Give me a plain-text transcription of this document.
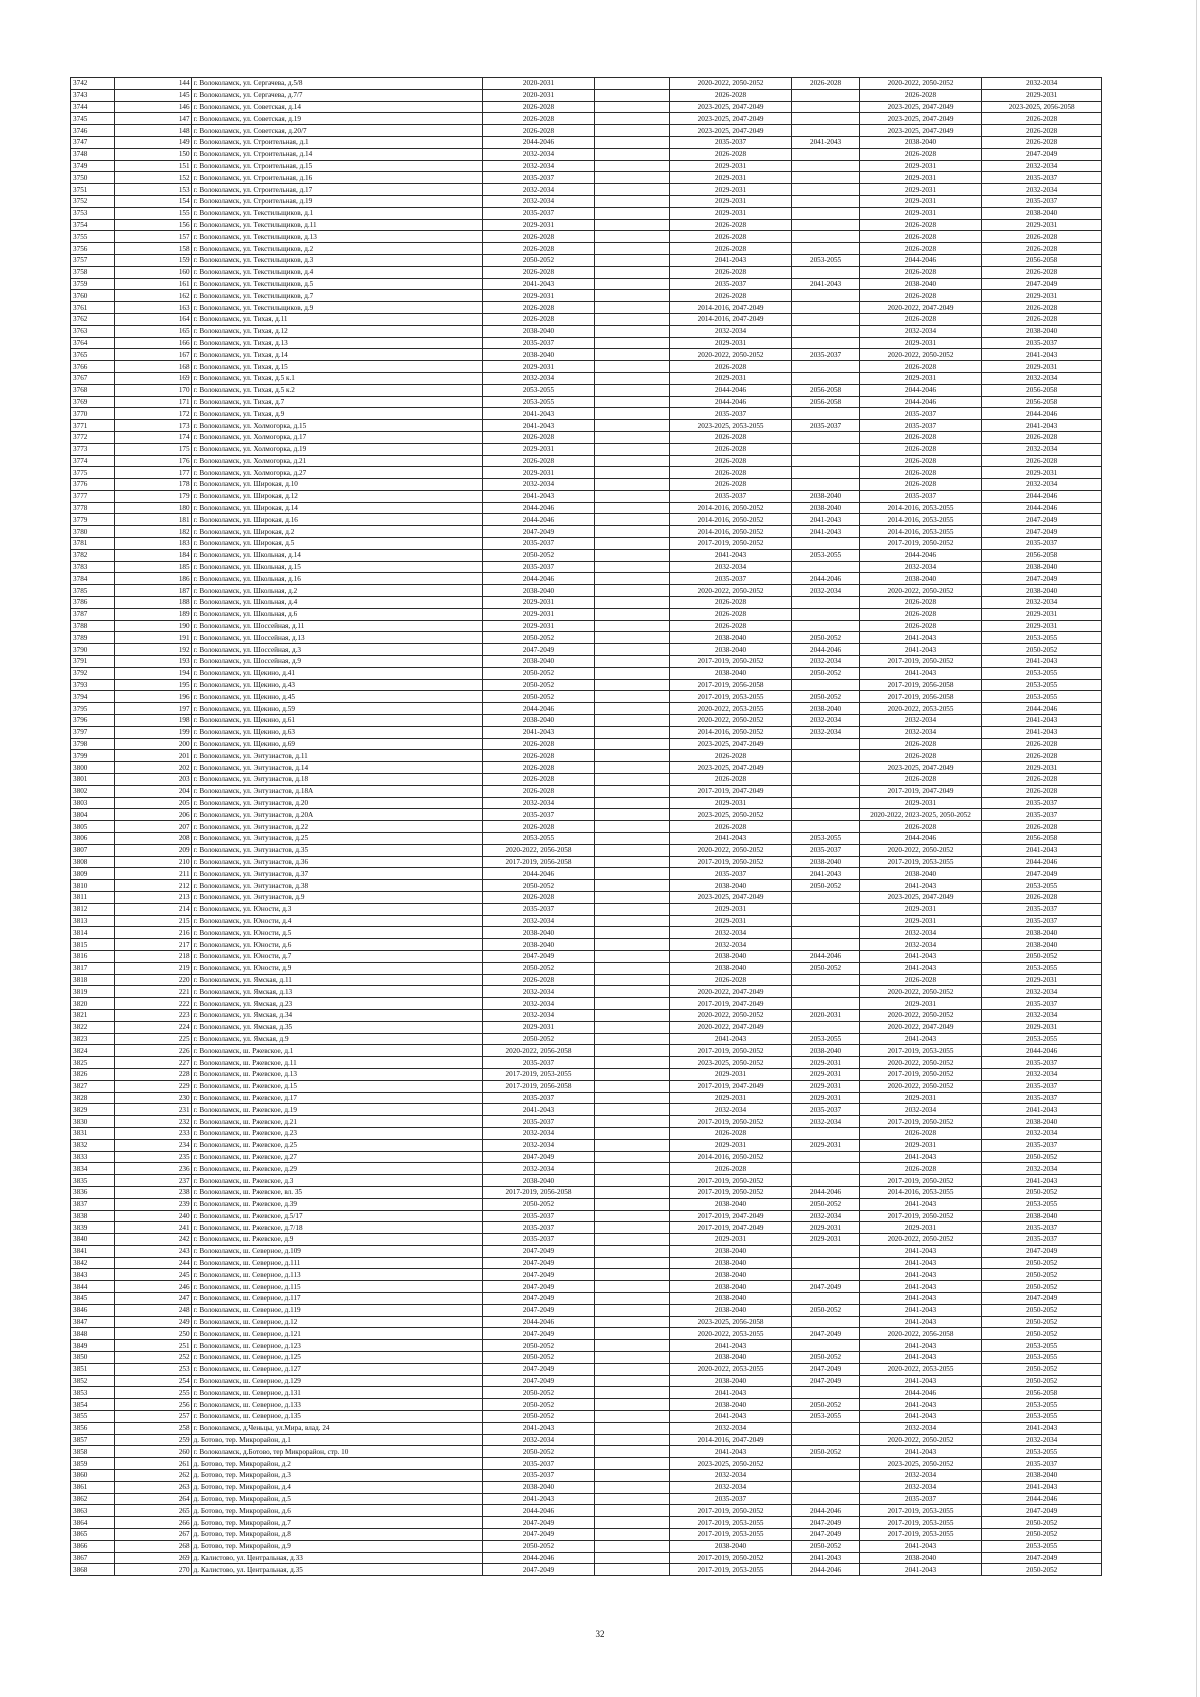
3742	144	г. Волоколамск, ул. Сергачева, д.5/8	2020-2031		2020-2022, 2050-2052	2026-2028	2020-2022, 2050-2052	2032-2034
3743	145	г. Волоколамск, ул. Сергачева, д.7/7	2020-2031		2026-2028		2026-2028	2029-2031
3744	146	г. Волоколамск, ул. Советская, д.14	2026-2028		2023-2025, 2047-2049		2023-2025, 2047-2049	2023-2025, 2056-2058
3745	147	г. Волоколамск, ул. Советская, д.19	2026-2028		2023-2025, 2047-2049		2023-2025, 2047-2049	2026-2028
3746	148	г. Волоколамск, ул. Советская, д.20/7	2026-2028		2023-2025, 2047-2049		2023-2025, 2047-2049	2026-2028
3747	149	г. Волоколамск, ул. Строительная, д.1	2044-2046		2035-2037	2041-2043	2038-2040	2026-2028
3748	150	г. Волоколамск, ул. Строительная, д.14	2032-2034		2026-2028		2026-2028	2047-2049
3749	151	г. Волоколамск, ул. Строительная, д.15	2032-2034		2029-2031		2029-2031	2032-2034
3750	152	г. Волоколамск, ул. Строительная, д.16	2035-2037		2029-2031		2029-2031	2035-2037
3751	153	г. Волоколамск, ул. Строительная, д.17	2032-2034		2029-2031		2029-2031	2032-2034
3752	154	г. Волоколамск, ул. Строительная, д.19	2032-2034		2029-2031		2029-2031	2035-2037
3753	155	г. Волоколамск, ул. Текстильщиков, д.1	2035-2037		2029-2031		2029-2031	2038-2040
3754	156	г. Волоколамск, ул. Текстильщиков, д.11	2029-2031		2026-2028		2026-2028	2029-2031
3755	157	г. Волоколамск, ул. Текстильщиков, д.13	2026-2028		2026-2028		2026-2028	2026-2028
3756	158	г. Волоколамск, ул. Текстильщиков, д.2	2026-2028		2026-2028		2026-2028	2026-2028
3757	159	г. Волоколамск, ул. Текстильщиков, д.3	2050-2052		2041-2043	2053-2055	2044-2046	2056-2058
3758	160	г. Волоколамск, ул. Текстильщиков, д.4	2026-2028		2026-2028		2026-2028	2026-2028
3759	161	г. Волоколамск, ул. Текстильщиков, д.5	2041-2043		2035-2037	2041-2043	2038-2040	2047-2049
3760	162	г. Волоколамск, ул. Текстильщиков, д.7	2029-2031		2026-2028		2026-2028	2029-2031
3761	163	г. Волоколамск, ул. Текстильщиков, д.9	2026-2028		2014-2016, 2047-2049		2020-2022, 2047-2049	2026-2028
3762	164	г. Волоколамск, ул. Тихая, д.11	2026-2028		2014-2016, 2047-2049		2026-2028	2026-2028
3763	165	г. Волоколамск, ул. Тихая, д.12	2038-2040		2032-2034		2032-2034	2038-2040
3764	166	г. Волоколамск, ул. Тихая, д.13	2035-2037		2029-2031		2029-2031	2035-2037
3765	167	г. Волоколамск, ул. Тихая, д.14	2038-2040		2020-2022, 2050-2052	2035-2037	2020-2022, 2050-2052	2041-2043
3766	168	г. Волоколамск, ул. Тихая, д.15	2029-2031		2026-2028		2026-2028	2029-2031
3767	169	г. Волоколамск, ул. Тихая, д.5 к.1	2032-2034		2029-2031		2029-2031	2032-2034
3768	170	г. Волоколамск, ул. Тихая, д.5 к.2	2053-2055		2044-2046	2056-2058	2044-2046	2056-2058
3769	171	г. Волоколамск, ул. Тихая, д.7	2053-2055		2044-2046	2056-2058	2044-2046	2056-2058
3770	172	г. Волоколамск, ул. Тихая, д.9	2041-2043		2035-2037		2035-2037	2044-2046
3771	173	г. Волоколамск, ул. Холмогорка, д.15	2041-2043		2023-2025, 2053-2055	2035-2037	2035-2037	2041-2043
3772	174	г. Волоколамск, ул. Холмогорка, д.17	2026-2028		2026-2028		2026-2028	2026-2028
3773	175	г. Волоколамск, ул. Холмогорка, д.19	2029-2031		2026-2028		2026-2028	2032-2034
3774	176	г. Волоколамск, ул. Холмогорка, д.21	2026-2028		2026-2028		2026-2028	2026-2028
3775	177	г. Волоколамск, ул. Холмогорка, д.27	2029-2031		2026-2028		2026-2028	2029-2031
3776	178	г. Волоколамск, ул. Широкая, д.10	2032-2034		2026-2028		2026-2028	2032-2034
3777	179	г. Волоколамск, ул. Широкая, д.12	2041-2043		2035-2037	2038-2040	2035-2037	2044-2046
3778	180	г. Волоколамск, ул. Широкая, д.14	2044-2046		2014-2016, 2050-2052	2038-2040	2014-2016, 2053-2055	2044-2046
3779	181	г. Волоколамск, ул. Широкая, д.16	2044-2046		2014-2016, 2050-2052	2041-2043	2014-2016, 2053-2055	2047-2049
3780	182	г. Волоколамск, ул. Широкая, д.2	2047-2049		2014-2016, 2050-2052	2041-2043	2014-2016, 2053-2055	2047-2049
3781	183	г. Волоколамск, ул. Широкая, д.5	2035-2037		2017-2019, 2050-2052		2017-2019, 2050-2052	2035-2037
3782	184	г. Волоколамск, ул. Школьная, д.14	2050-2052		2041-2043	2053-2055	2044-2046	2056-2058
3783	185	г. Волоколамск, ул. Школьная, д.15	2035-2037		2032-2034		2032-2034	2038-2040
3784	186	г. Волоколамск, ул. Школьная, д.16	2044-2046		2035-2037	2044-2046	2038-2040	2047-2049
3785	187	г. Волоколамск, ул. Школьная, д.2	2038-2040		2020-2022, 2050-2052	2032-2034	2020-2022, 2050-2052	2038-2040
3786	188	г. Волоколамск, ул. Школьная, д.4	2029-2031		2026-2028		2026-2028	2032-2034
3787	189	г. Волоколамск, ул. Школьная, д.6	2029-2031		2026-2028		2026-2028	2029-2031
3788	190	г. Волоколамск, ул. Шоссейная, д.11	2029-2031		2026-2028		2026-2028	2029-2031
3789	191	г. Волоколамск, ул. Шоссейная, д.13	2050-2052		2038-2040	2050-2052	2041-2043	2053-2055
3790	192	г. Волоколамск, ул. Шоссейная, д.3	2047-2049		2038-2040	2044-2046	2041-2043	2050-2052
3791	193	г. Волоколамск, ул. Шоссейная, д.9	2038-2040		2017-2019, 2050-2052	2032-2034	2017-2019, 2050-2052	2041-2043
3792	194	г. Волоколамск, ул. Щекино, д.41	2050-2052		2038-2040	2050-2052	2041-2043	2053-2055
3793	195	г. Волоколамск, ул. Щекино, д.43	2050-2052		2017-2019, 2056-2058		2017-2019, 2056-2058	2053-2055
3794	196	г. Волоколамск, ул. Щекино, д.45	2050-2052		2017-2019, 2053-2055	2050-2052	2017-2019, 2056-2058	2053-2055
3795	197	г. Волоколамск, ул. Щекино, д.59	2044-2046		2020-2022, 2053-2055	2038-2040	2020-2022, 2053-2055	2044-2046
3796	198	г. Волоколамск, ул. Щекино, д.61	2038-2040		2020-2022, 2050-2052	2032-2034	2032-2034	2041-2043
3797	199	г. Волоколамск, ул. Щекино, д.63	2041-2043		2014-2016, 2050-2052	2032-2034	2032-2034	2041-2043
3798	200	г. Волоколамск, ул. Щекино, д.69	2026-2028		2023-2025, 2047-2049		2026-2028	2026-2028
3799	201	г. Волоколамск, ул. Энтузиастов, д.11	2026-2028		2026-2028		2026-2028	2026-2028
3800	202	г. Волоколамск, ул. Энтузиастов, д.14	2026-2028		2023-2025, 2047-2049		2023-2025, 2047-2049	2029-2031
3801	203	г. Волоколамск, ул. Энтузиастов, д.18	2026-2028		2026-2028		2026-2028	2026-2028
3802	204	г. Волоколамск, ул. Энтузиастов, д.18А	2026-2028		2017-2019, 2047-2049		2017-2019, 2047-2049	2026-2028
3803	205	г. Волоколамск, ул. Энтузиастов, д.20	2032-2034		2029-2031		2029-2031	2035-2037
3804	206	г. Волоколамск, ул. Энтузиастов, д.20А	2035-2037		2023-2025, 2050-2052		2020-2022, 2023-2025, 2050-2052	2035-2037
3805	207	г. Волоколамск, ул. Энтузиастов, д.22	2026-2028		2026-2028		2026-2028	2026-2028
3806	208	г. Волоколамск, ул. Энтузиастов, д.25	2053-2055		2041-2043	2053-2055	2044-2046	2056-2058
3807	209	г. Волоколамск, ул. Энтузиастов, д.35	2020-2022, 2056-2058		2020-2022, 2050-2052	2035-2037	2020-2022, 2050-2052	2041-2043
3808	210	г. Волоколамск, ул. Энтузиастов, д.36	2017-2019, 2056-2058		2017-2019, 2050-2052	2038-2040	2017-2019, 2053-2055	2044-2046
3809	211	г. Волоколамск, ул. Энтузиастов, д.37	2044-2046		2035-2037	2041-2043	2038-2040	2047-2049
3810	212	г. Волоколамск, ул. Энтузиастов, д.38	2050-2052		2038-2040	2050-2052	2041-2043	2053-2055
3811	213	г. Волоколамск, ул. Энтузиастов, д.9	2026-2028		2023-2025, 2047-2049		2023-2025, 2047-2049	2026-2028
3812	214	г. Волоколамск, ул. Юности, д.3	2035-2037		2029-2031		2029-2031	2035-2037
3813	215	г. Волоколамск, ул. Юности, д.4	2032-2034		2029-2031		2029-2031	2035-2037
3814	216	г. Волоколамск, ул. Юности, д.5	2038-2040		2032-2034		2032-2034	2038-2040
3815	217	г. Волоколамск, ул. Юности, д.6	2038-2040		2032-2034		2032-2034	2038-2040
3816	218	г. Волоколамск, ул. Юности, д.7	2047-2049		2038-2040	2044-2046	2041-2043	2050-2052
3817	219	г. Волоколамск, ул. Юности, д.9	2050-2052		2038-2040	2050-2052	2041-2043	2053-2055
3818	220	г. Волоколамск, ул. Ямская, д.11	2026-2028		2026-2028		2026-2028	2029-2031
3819	221	г. Волоколамск, ул. Ямская, д.13	2032-2034		2020-2022, 2047-2049		2020-2022, 2050-2052	2032-2034
3820	222	г. Волоколамск, ул. Ямская, д.23	2032-2034		2017-2019, 2047-2049		2029-2031	2035-2037
3821	223	г. Волоколамск, ул. Ямская, д.34	2032-2034		2020-2022, 2050-2052	2020-2031	2020-2022, 2050-2052	2032-2034
3822	224	г. Волоколамск, ул. Ямская, д.35	2029-2031		2020-2022, 2047-2049		2020-2022, 2047-2049	2029-2031
3823	225	г. Волоколамск, ул. Ямская, д.9	2050-2052		2041-2043	2053-2055	2041-2043	2053-2055
3824	226	г. Волоколамск, ш. Ржевское, д.1	2020-2022, 2056-2058		2017-2019, 2050-2052	2038-2040	2017-2019, 2053-2055	2044-2046
3825	227	г. Волоколамск, ш. Ржевское, д.11	2035-2037		2023-2025, 2050-2052	2029-2031	2020-2022, 2050-2052	2035-2037
3826	228	г. Волоколамск, ш. Ржевское, д.13	2017-2019, 2053-2055		2029-2031	2029-2031	2017-2019, 2050-2052	2032-2034
3827	229	г. Волоколамск, ш. Ржевское, д.15	2017-2019, 2056-2058		2017-2019, 2047-2049	2029-2031	2020-2022, 2050-2052	2035-2037
3828	230	г. Волоколамск, ш. Ржевское, д.17	2035-2037		2029-2031	2029-2031	2029-2031	2035-2037
3829	231	г. Волоколамск, ш. Ржевское, д.19	2041-2043		2032-2034	2035-2037	2032-2034	2041-2043
3830	232	г. Волоколамск, ш. Ржевское, д.21	2035-2037		2017-2019, 2050-2052	2032-2034	2017-2019, 2050-2052	2038-2040
3831	233	г. Волоколамск, ш. Ржевское, д.23	2032-2034		2026-2028		2026-2028	2032-2034
3832	234	г. Волоколамск, ш. Ржевское, д.25	2032-2034		2029-2031	2029-2031	2029-2031	2035-2037
3833	235	г. Волоколамск, ш. Ржевское, д.27	2047-2049		2014-2016, 2050-2052		2041-2043	2050-2052
3834	236	г. Волоколамск, ш. Ржевское, д.29	2032-2034		2026-2028		2026-2028	2032-2034
3835	237	г. Волоколамск, ш. Ржевское, д.3	2038-2040		2017-2019, 2050-2052		2017-2019, 2050-2052	2041-2043
3836	238	г. Волоколамск, ш. Ржевское, вл. 35	2017-2019, 2056-2058		2017-2019, 2050-2052	2044-2046	2014-2016, 2053-2055	2050-2052
3837	239	г. Волоколамск, ш. Ржевское, д.39	2050-2052		2038-2040	2050-2052	2041-2043	2053-2055
3838	240	г. Волоколамск, ш. Ржевское, д.5/17	2035-2037		2017-2019, 2047-2049	2032-2034	2017-2019, 2050-2052	2038-2040
3839	241	г. Волоколамск, ш. Ржевское, д.7/18	2035-2037		2017-2019, 2047-2049	2029-2031	2029-2031	2035-2037
3840	242	г. Волоколамск, ш. Ржевское, д.9	2035-2037		2029-2031	2029-2031	2020-2022, 2050-2052	2035-2037
3841	243	г. Волоколамск, ш. Северное, д.109	2047-2049		2038-2040		2041-2043	2047-2049
3842	244	г. Волоколамск, ш. Северное, д.111	2047-2049		2038-2040		2041-2043	2050-2052
3843	245	г. Волоколамск, ш. Северное, д.113	2047-2049		2038-2040		2041-2043	2050-2052
3844	246	г. Волоколамск, ш. Северное, д.115	2047-2049		2038-2040	2047-2049	2041-2043	2050-2052
3845	247	г. Волоколамск, ш. Северное, д.117	2047-2049		2038-2040		2041-2043	2047-2049
3846	248	г. Волоколамск, ш. Северное, д.119	2047-2049		2038-2040	2050-2052	2041-2043	2050-2052
3847	249	г. Волоколамск, ш. Северное, д.12	2044-2046		2023-2025, 2056-2058		2041-2043	2050-2052
3848	250	г. Волоколамск, ш. Северное, д.121	2047-2049		2020-2022, 2053-2055	2047-2049	2020-2022, 2056-2058	2050-2052
3849	251	г. Волоколамск, ш. Северное, д.123	2050-2052		2041-2043		2041-2043	2053-2055
3850	252	г. Волоколамск, ш. Северное, д.125	2050-2052		2038-2040	2050-2052	2041-2043	2053-2055
3851	253	г. Волоколамск, ш. Северное, д.127	2047-2049		2020-2022, 2053-2055	2047-2049	2020-2022, 2053-2055	2050-2052
3852	254	г. Волоколамск, ш. Северное, д.129	2047-2049		2038-2040	2047-2049	2041-2043	2050-2052
3853	255	г. Волоколамск, ш. Северное, д.131	2050-2052		2041-2043		2044-2046	2056-2058
3854	256	г. Волоколамск, ш. Северное, д.133	2050-2052		2038-2040	2050-2052	2041-2043	2053-2055
3855	257	г. Волоколамск, ш. Северное, д.135	2050-2052		2041-2043	2053-2055	2041-2043	2053-2055
3856	258	г. Волоколамск, д.Ченьцы, ул.Мира, влад. 24	2041-2043		2032-2034		2032-2034	2041-2043
3857	259	д. Ботово, тер. Микрорайон, д.1	2032-2034		2014-2016, 2047-2049		2020-2022, 2050-2052	2032-2034
3858	260	г. Волоколамск, д.Ботово, тер Микрорайон, стр. 10	2050-2052		2041-2043	2050-2052	2041-2043	2053-2055
3859	261	д. Ботово, тер. Микрорайон, д.2	2035-2037		2023-2025, 2050-2052		2023-2025, 2050-2052	2035-2037
3860	262	д. Ботово, тер. Микрорайон, д.3	2035-2037		2032-2034		2032-2034	2038-2040
3861	263	д. Ботово, тер. Микрорайон, д.4	2038-2040		2032-2034		2032-2034	2041-2043
3862	264	д. Ботово, тер. Микрорайон, д.5	2041-2043		2035-2037		2035-2037	2044-2046
3863	265	д. Ботово, тер. Микрорайон, д.6	2044-2046		2017-2019, 2050-2052	2044-2046	2017-2019, 2053-2055	2047-2049
3864	266	д. Ботово, тер. Микрорайон, д.7	2047-2049		2017-2019, 2053-2055	2047-2049	2017-2019, 2053-2055	2050-2052
3865	267	д. Ботово, тер. Микрорайон, д.8	2047-2049		2017-2019, 2053-2055	2047-2049	2017-2019, 2053-2055	2050-2052
3866	268	д. Ботово, тер. Микрорайон, д.9	2050-2052		2038-2040	2050-2052	2041-2043	2053-2055
3867	269	д. Калистово, ул. Центральная, д.33	2044-2046		2017-2019, 2050-2052	2041-2043	2038-2040	2047-2049
3868	270	д. Калистово, ул. Центральная, д.35	2047-2049		2017-2019, 2053-2055	2044-2046	2041-2043	2050-2052
32
